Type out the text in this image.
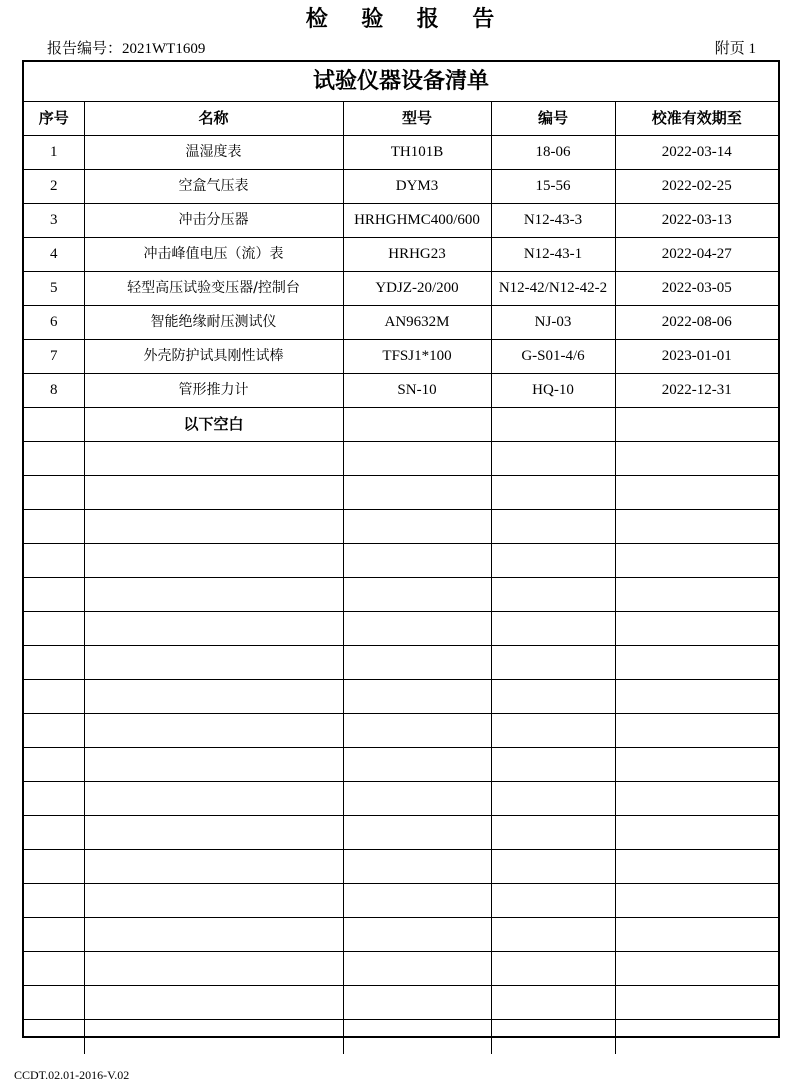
检 验 报 告
报告编号：2021WT1609	附页 1
试验仪器设备清单
序号	名称	型号	编号	校准有效期至
1	温湿度表	TH101B	18-06	2022-03-14
2	空盒气压表	DYM3	15-56	2022-02-25
3	冲击分压器	HRHGHMC400/600	N12-43-3	2022-03-13
4	冲击峰值电压（流）表	HRHG23	N12-43-1	2022-04-27
5	轻型高压试验变压器/控制台	YDJZ-20/200	N12-42/N12-42-2	2022-03-05
6	智能绝缘耐压测试仪	AN9632M	NJ-03	2022-08-06
7	外壳防护试具刚性试棒	TFSJ1*100	G-S01-4/6	2023-01-01
8	管形推力计	SN-10	HQ-10	2022-12-31
	以下空白			

CCDT.02.01-2016-V.02
